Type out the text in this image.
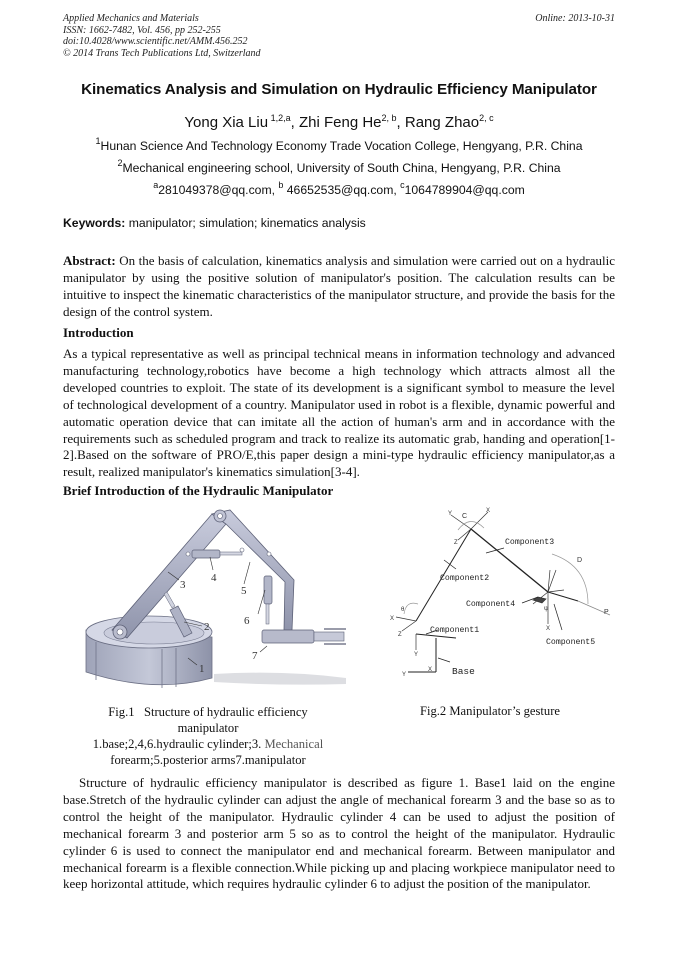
Applied Mechanics and Materials
ISSN: 1662-7482, Vol. 456, pp 252-255
doi:10.4028/www.scientific.net/AMM.456.252
© 2014 Trans Tech Publications Ltd, Switzerland
Online: 2013-10-31
Kinematics Analysis and Simulation on Hydraulic Efficiency Manipulator
Yong Xia Liu $^{1,2,a}$, Zhi Feng He$^{2, b}$, Rang Zhao$^{2, c}$
$^1$Hunan Science And Technology Economy Trade Vocation College, Hengyang, P.R. China
$^2$Mechanical engineering school, University of South China, Hengyang, P.R. China
$^a$281049378@qq.com, $^b$ 46652535@qq.com, $^c$1064789904@qq.com
Keywords: manipulator; simulation; kinematics analysis
Abstract: On the basis of calculation, kinematics analysis and simulation were carried out on a hydraulic manipulator by using the positive solution of manipulator's position. The calculation results can be intuitive to inspect the kinematic characteristics of the manipulator structure, and provide the basis for the design of the control system.
Introduction
As a typical representative as well as principal technical means in information technology and advanced manufacturing technology,robotics have become a high technology which attracts almost all the developed countries to exploit. The state of its development is a significant symbol to measure the level of technological development of a country. Manipulator used in robot is a flexible, dynamic powerful and automatic operation device that can imitate all the action of human's arm and in accordance with the requirements such as scheduled program and track to realize its automatic grab, handing and operation[1-2].Based on the software of PRO/E,this paper design a mini-type hydraulic efficiency manipulator,as a result, realized manipulator's kinematics simulation[3-4].
Brief Introduction of the Hydraulic Manipulator
1
2
3
4
5
6
7
Component3
Component2
Component4
Component1
Component5
Base
C
D
P
Y	X
Z
X
Z
Y
X
Y
X
θ	ψ
Fig.1   Structure of hydraulic efficiency
manipulator
1.base;2,4,6.hydraulic cylinder;3. Mechanical
forearm;5.posterior arms7.manipulator
Fig.2 Manipulator’s gesture
Structure of hydraulic efficiency manipulator is described as figure 1. Base1 laid on the engine base.Stretch of the hydraulic cylinder can adjust the angle of mechanical forearm 3 and the base so as to control the height of the manipulator. Hydraulic cylinder 4 can be used to adjust the position of mechanical forearm 3 and posterior arm 5 so as to control the height of the manipulator. Hydraulic cylinder 6 is used to connect the manipulator end and mechanical forearm. Between manipulator and mechanical forearm is a flexible connection.While picking up and placing workpiece manipulator need to keep horizontal attitude, which requires hydraulic cylinder 6 to adjust the position of the manipulator.
